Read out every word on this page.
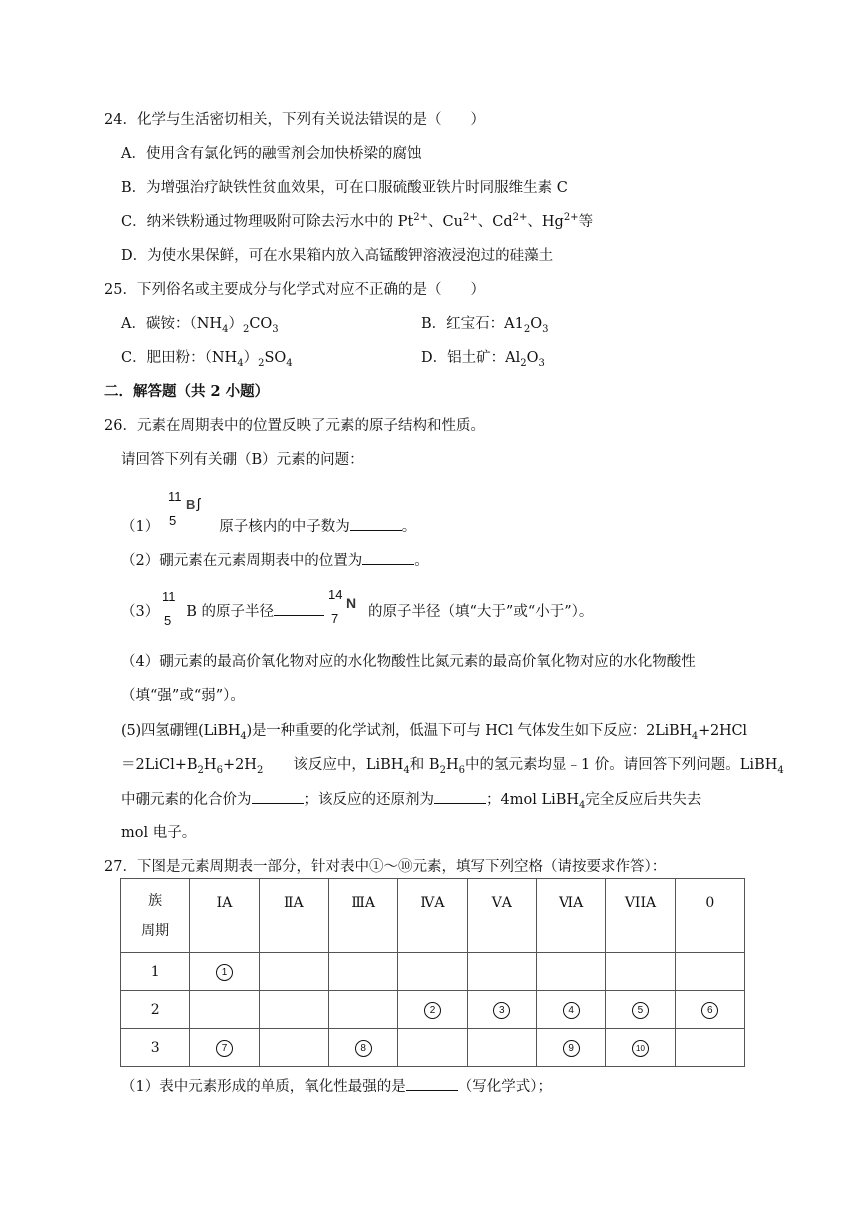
24．化学与生活密切相关，下列有关说法错误的是（　　）
A．使用含有氯化钙的融雪剂会加快桥梁的腐蚀
B．为增强治疗缺铁性贫血效果，可在口服硫酸亚铁片时同服维生素 C
C．纳米铁粉通过物理吸附可除去污水中的 $Pt^{2+}$、$Cu^{2+}$、$Cd^{2+}$、$Hg^{2+}$等
D．为使水果保鲜，可在水果箱内放入高锰酸钾溶液浸泡过的硅藻土
25．下列俗名或主要成分与化学式对应不正确的是（　　）
A．碳铵：$(NH_4)_2CO_3$	B．红宝石：$A1_2O_3$
C．肥田粉：$(NH_4)_2SO_4$	D．铝土矿：$Al_2O_3$
二．解答题（共 2 小题）
26．元素在周期表中的位置反映了元素的原子结构和性质。
请回答下列有关硼（B）元素的问题：
11
B ʃ
5
（1）	原子核内的中子数为	。
（2）硼元素在元素周期表中的位置为	。
11
5
14
N
7
（3） B 的原子半径	的原子半径（填“大于”或“小于”）。
（4）硼元素的最高价氧化物对应的水化物酸性比氮元素的最高价氧化物对应的水化物酸性
（填“强”或“弱”）。
(5)四氢硼锂(LiBH$_4$)是一种重要的化学试剂，低温下可与 HCl 气体发生如下反应：2LiBH$_4$+2HCl
$=2LiCl+B_2H_6+2H_2$ 该反应中，LiBH$_4$和 $B_2H_6$中的氢元素均显﹣1 价。请回答下列问题。LiBH$_4$
中硼元素的化合价为	；该反应的还原剂为	；4mol LiBH$_4$完全反应后共失去
mol 电子。
27．下图是元素周期表一部分，针对表中①～⑩元素，填写下列空格（请按要求作答）：
族
周期	ⅠA	ⅡA	ⅢA	ⅣA	ⅤA	ⅥA	VIIA	0
1	1							
2				2	3	4	5	6
3	7		8			9	10	
（1）表中元素形成的单质，氧化性最强的是	（写化学式）；
